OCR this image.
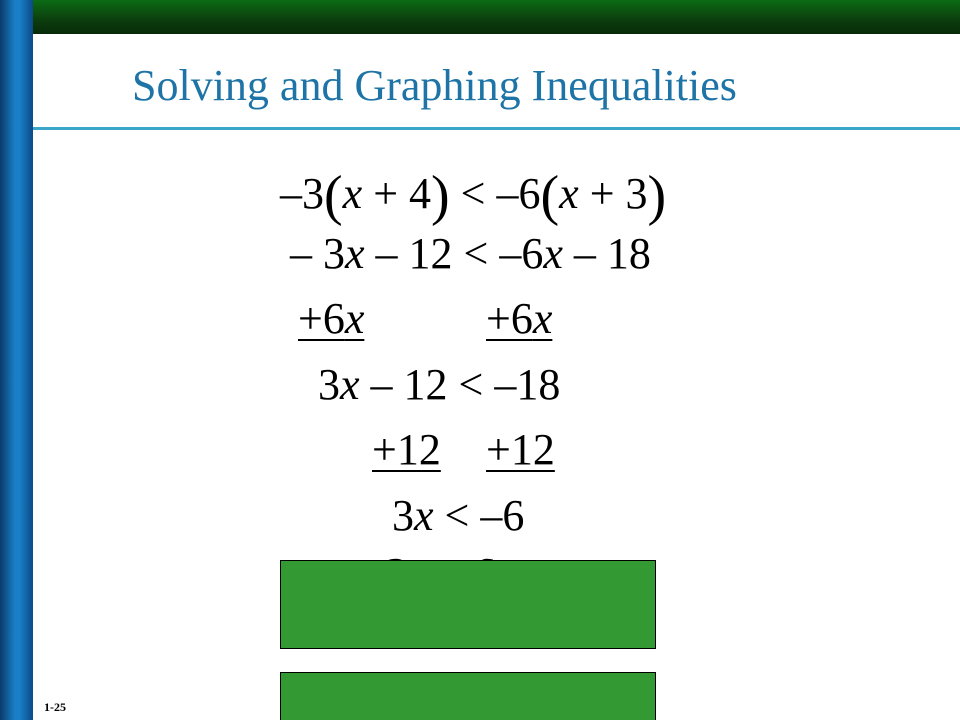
Solving and Graphing Inequalities
–3(x + 4) < –6(x + 3)
– 3x – 12 < –6x – 18
+6x	+6x
3x – 12 < –18
+12 +12
3x < –6
1-25
